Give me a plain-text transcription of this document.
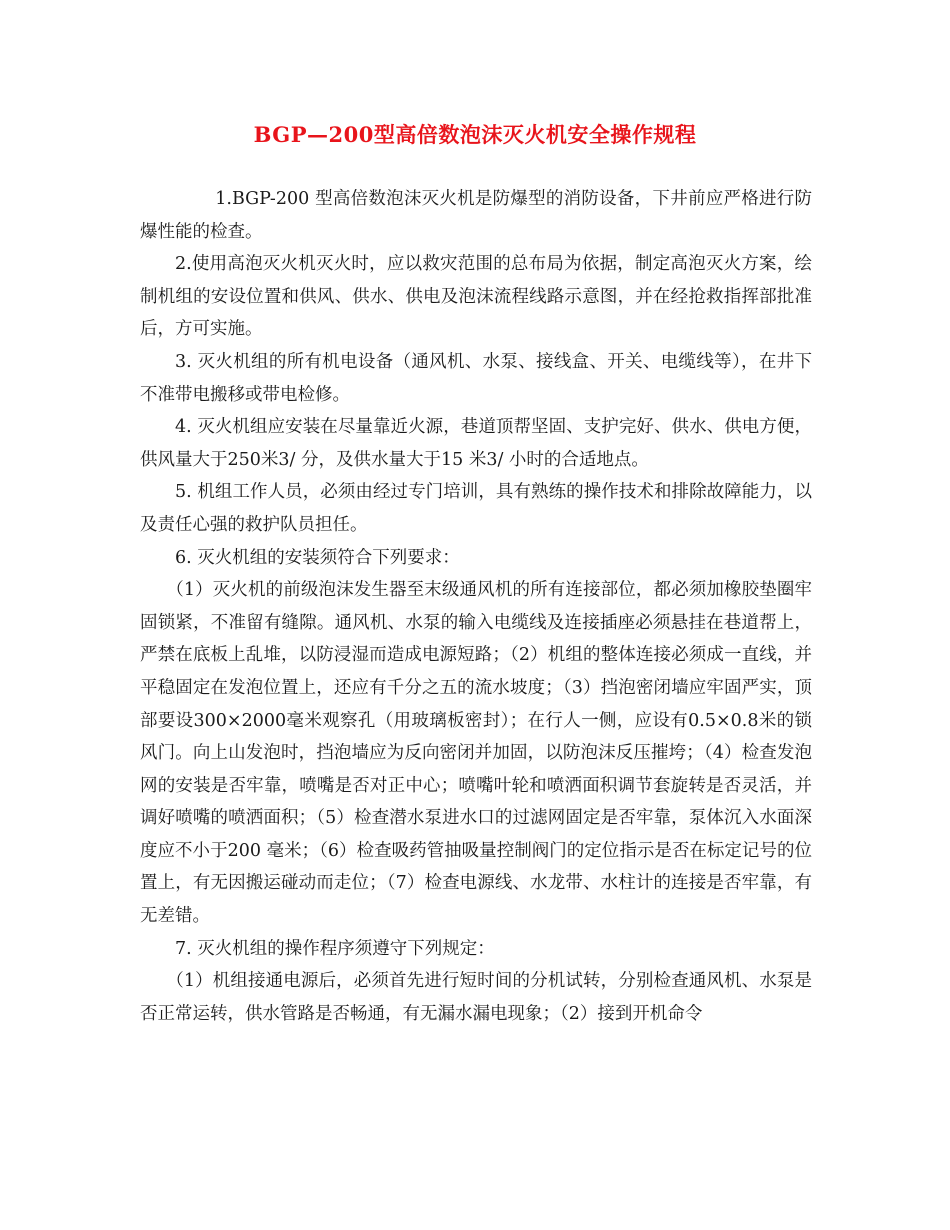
BGP—200型高倍数泡沫灭火机安全操作规程

1.BGP-200 型高倍数泡沫灭火机是防爆型的消防设备，下井前应严格进行防爆性能的检查。

2.使用高泡灭火机灭火时，应以救灾范围的总布局为依据，制定高泡灭火方案，绘制机组的安设位置和供风、供水、供电及泡沫流程线路示意图，并在经抢救指挥部批准后，方可实施。

3. 灭火机组的所有机电设备（通风机、水泵、接线盒、开关、电缆线等），在井下不准带电搬移或带电检修。

4. 灭火机组应安装在尽量靠近火源，巷道顶帮坚固、支护完好、供水、供电方便，供风量大于250米3/ 分，及供水量大于15 米3/ 小时的合适地点。

5. 机组工作人员，必须由经过专门培训，具有熟练的操作技术和排除故障能力，以及责任心强的救护队员担任。

6. 灭火机组的安装须符合下列要求：

（1）灭火机的前级泡沫发生器至末级通风机的所有连接部位，都必须加橡胶垫圈牢固锁紧，不准留有缝隙。通风机、水泵的输入电缆线及连接插座必须悬挂在巷道帮上，严禁在底板上乱堆，以防浸湿而造成电源短路；（2）机组的整体连接必须成一直线，并平稳固定在发泡位置上，还应有千分之五的流水坡度；（3）挡泡密闭墙应牢固严实，顶部要设300×2000毫米观察孔（用玻璃板密封）；在行人一侧，应设有0.5×0.8米的锁风门。向上山发泡时，挡泡墙应为反向密闭并加固，以防泡沫反压摧垮；（4）检查发泡网的安装是否牢靠，喷嘴是否对正中心；喷嘴叶轮和喷洒面积调节套旋转是否灵活，并调好喷嘴的喷洒面积；（5）检查潜水泵进水口的过滤网固定是否牢靠，泵体沉入水面深度应不小于200 毫米；（6）检查吸药管抽吸量控制阀门的定位指示是否在标定记号的位置上，有无因搬运碰动而走位；（7）检查电源线、水龙带、水柱计的连接是否牢靠，有无差错。

7. 灭火机组的操作程序须遵守下列规定：

（1）机组接通电源后，必须首先进行短时间的分机试转，分别检查通风机、水泵是否正常运转，供水管路是否畅通，有无漏水漏电现象；（2）接到开机命令
